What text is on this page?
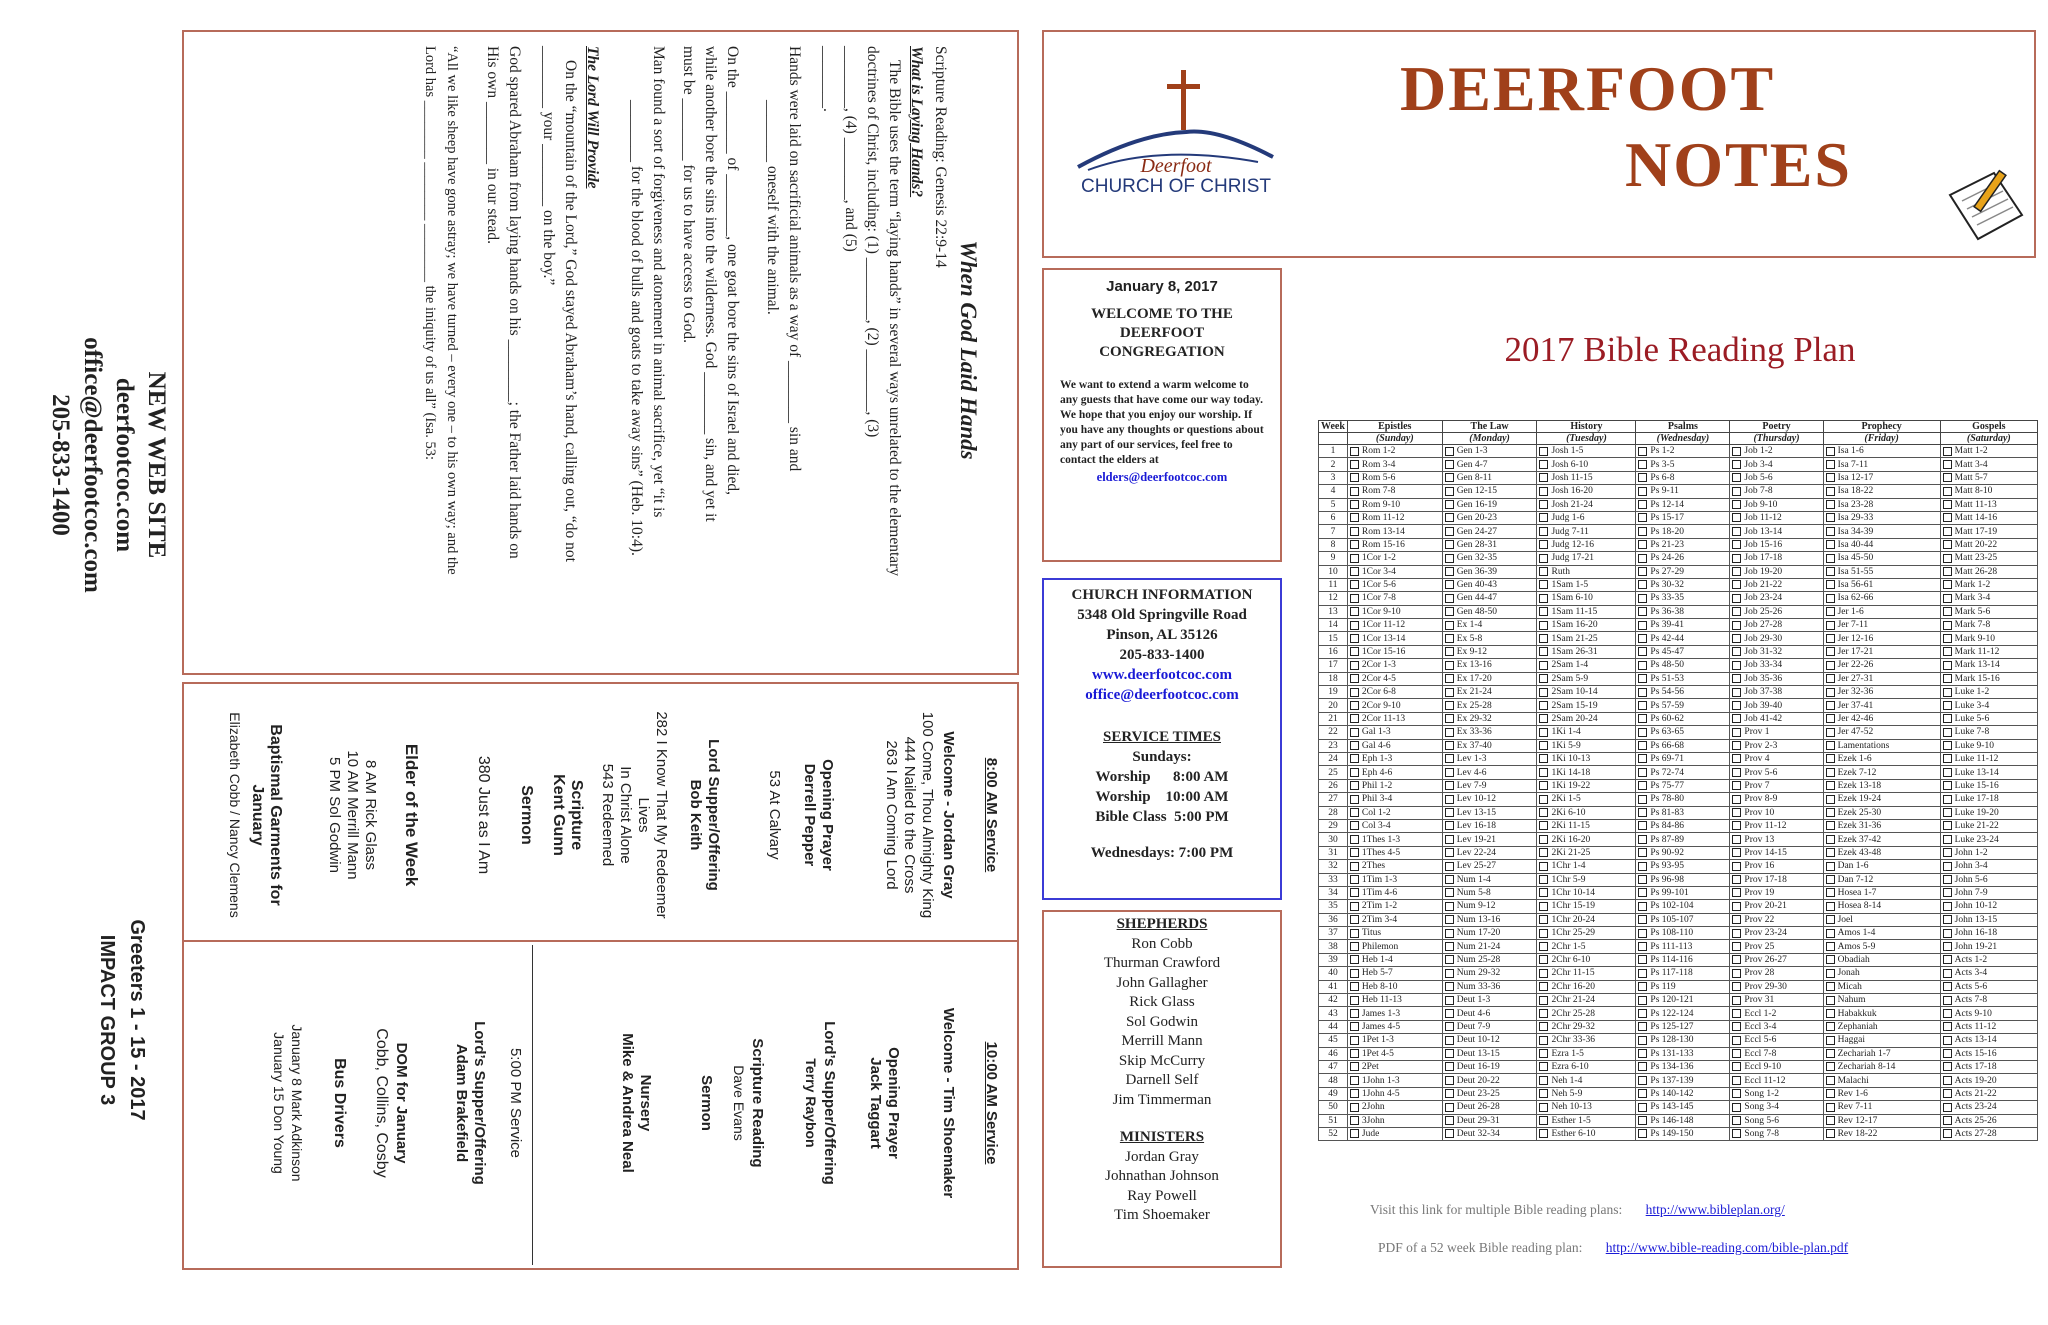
When God Laid Hands
Scripture Reading: Genesis 22:9-14
What is Laying Hands?
The Bible uses the term “laying hands” in several ways unrelated to the elementary
doctrines of Christ, including: (1) ________, (2) ________, (3)
________, (4) ________, and (5)
________.
Hands were laid on sacrificial animals as a way of ________ sin and
________ oneself with the animal.
On the ________ of ________, one goat bore the sins of Israel and died,
while another bore the sins into the wilderness. God ________ sin, and yet it
must be ________ for us to have access to God.
Man found a sort of forgiveness and atonement in animal sacrifice, yet “it is
________ for the blood of bulls and goats to take away sins” (Heb. 10:4).
The Lord Will Provide
On the “mountain of the Lord,” God stayed Abraham’s hand, calling out, “do not
________ your ________ on the boy.”
God spared Abraham from laying hands on his ________; the Father laid hands on
His own ________ in our stead.
“All we like sheep have gone astray; we have turned – every one – to his own way; and the
Lord has ________ ________ ________ the iniquity of us all” (Isa. 53:
NEW WEB SITE
deerfootcoc.com
office@deerfootcoc.com
205-833-1400
Greeters 1 - 15 - 2017
IMPACT GROUP 3
Deerfoot
CHURCH OF CHRIST
DEERFOOT
NOTES
January 8, 2017
WELCOME TO THE DEERFOOT CONGREGATION
We want to extend a warm welcome to any guests that have come our way today. We hope that you enjoy our worship. If you have any thoughts or questions about any part of our services, feel free to contact the elders at
elders@deerfootcoc.com
CHURCH INFORMATION
5348 Old Springville Road
Pinson, AL 35126
205-833-1400
www.deerfootcoc.com
office@deerfootcoc.com
SERVICE TIMES
Sundays:
Worship      8:00 AM
Worship    10:00 AM
Bible Class  5:00 PM
Wednesdays: 7:00 PM
SHEPHERDS
Ron Cobb
Thurman Crawford
John Gallagher
Rick Glass
Sol Godwin
Merrill Mann
Skip McCurry
Darnell Self
Jim Timmerman
MINISTERS
Jordan Gray
Johnathan Johnson
Ray Powell
Tim Shoemaker
2017 Bible Reading Plan
Week	Epistles	The Law	History	Psalms	Poetry	Prophecy	Gospels
	(Sunday)	(Monday)	(Tuesday)	(Wednesday)	(Thursday)	(Friday)	(Saturday)
1	Rom 1-2	Gen 1-3	Josh 1-5	Ps 1-2	Job 1-2	Isa 1-6	Matt 1-2
2	Rom 3-4	Gen 4-7	Josh 6-10	Ps 3-5	Job 3-4	Isa 7-11	Matt 3-4
3	Rom 5-6	Gen 8-11	Josh 11-15	Ps 6-8	Job 5-6	Isa 12-17	Matt 5-7
4	Rom 7-8	Gen 12-15	Josh 16-20	Ps 9-11	Job 7-8	Isa 18-22	Matt 8-10
5	Rom 9-10	Gen 16-19	Josh 21-24	Ps 12-14	Job 9-10	Isa 23-28	Matt 11-13
6	Rom 11-12	Gen 20-23	Judg 1-6	Ps 15-17	Job 11-12	Isa 29-33	Matt 14-16
7	Rom 13-14	Gen 24-27	Judg 7-11	Ps 18-20	Job 13-14	Isa 34-39	Matt 17-19
8	Rom 15-16	Gen 28-31	Judg 12-16	Ps 21-23	Job 15-16	Isa 40-44	Matt 20-22
9	1Cor 1-2	Gen 32-35	Judg 17-21	Ps 24-26	Job 17-18	Isa 45-50	Matt 23-25
10	1Cor 3-4	Gen 36-39	Ruth	Ps 27-29	Job 19-20	Isa 51-55	Matt 26-28
11	1Cor 5-6	Gen 40-43	1Sam 1-5	Ps 30-32	Job 21-22	Isa 56-61	Mark 1-2
12	1Cor 7-8	Gen 44-47	1Sam 6-10	Ps 33-35	Job 23-24	Isa 62-66	Mark 3-4
13	1Cor 9-10	Gen 48-50	1Sam 11-15	Ps 36-38	Job 25-26	Jer 1-6	Mark 5-6
14	1Cor 11-12	Ex 1-4	1Sam 16-20	Ps 39-41	Job 27-28	Jer 7-11	Mark 7-8
15	1Cor 13-14	Ex 5-8	1Sam 21-25	Ps 42-44	Job 29-30	Jer 12-16	Mark 9-10
16	1Cor 15-16	Ex 9-12	1Sam 26-31	Ps 45-47	Job 31-32	Jer 17-21	Mark 11-12
17	2Cor 1-3	Ex 13-16	2Sam 1-4	Ps 48-50	Job 33-34	Jer 22-26	Mark 13-14
18	2Cor 4-5	Ex 17-20	2Sam 5-9	Ps 51-53	Job 35-36	Jer 27-31	Mark 15-16
19	2Cor 6-8	Ex 21-24	2Sam 10-14	Ps 54-56	Job 37-38	Jer 32-36	Luke 1-2
20	2Cor 9-10	Ex 25-28	2Sam 15-19	Ps 57-59	Job 39-40	Jer 37-41	Luke 3-4
21	2Cor 11-13	Ex 29-32	2Sam 20-24	Ps 60-62	Job 41-42	Jer 42-46	Luke 5-6
22	Gal 1-3	Ex 33-36	1Ki 1-4	Ps 63-65	Prov 1	Jer 47-52	Luke 7-8
23	Gal 4-6	Ex 37-40	1Ki 5-9	Ps 66-68	Prov 2-3	Lamentations	Luke 9-10
24	Eph 1-3	Lev 1-3	1Ki 10-13	Ps 69-71	Prov 4	Ezek 1-6	Luke 11-12
25	Eph 4-6	Lev 4-6	1Ki 14-18	Ps 72-74	Prov 5-6	Ezek 7-12	Luke 13-14
26	Phil 1-2	Lev 7-9	1Ki 19-22	Ps 75-77	Prov 7	Ezek 13-18	Luke 15-16
27	Phil 3-4	Lev 10-12	2Ki 1-5	Ps 78-80	Prov 8-9	Ezek 19-24	Luke 17-18
28	Col 1-2	Lev 13-15	2Ki 6-10	Ps 81-83	Prov 10	Ezek 25-30	Luke 19-20
29	Col 3-4	Lev 16-18	2Ki 11-15	Ps 84-86	Prov 11-12	Ezek 31-36	Luke 21-22
30	1Thes 1-3	Lev 19-21	2Ki 16-20	Ps 87-89	Prov 13	Ezek 37-42	Luke 23-24
31	1Thes 4-5	Lev 22-24	2Ki 21-25	Ps 90-92	Prov 14-15	Ezek 43-48	John 1-2
32	2Thes	Lev 25-27	1Chr 1-4	Ps 93-95	Prov 16	Dan 1-6	John 3-4
33	1Tim 1-3	Num 1-4	1Chr 5-9	Ps 96-98	Prov 17-18	Dan 7-12	John 5-6
34	1Tim 4-6	Num 5-8	1Chr 10-14	Ps 99-101	Prov 19	Hosea 1-7	John 7-9
35	2Tim 1-2	Num 9-12	1Chr 15-19	Ps 102-104	Prov 20-21	Hosea 8-14	John 10-12
36	2Tim 3-4	Num 13-16	1Chr 20-24	Ps 105-107	Prov 22	Joel	John 13-15
37	Titus	Num 17-20	1Chr 25-29	Ps 108-110	Prov 23-24	Amos 1-4	John 16-18
38	Philemon	Num 21-24	2Chr 1-5	Ps 111-113	Prov 25	Amos 5-9	John 19-21
39	Heb 1-4	Num 25-28	2Chr 6-10	Ps 114-116	Prov 26-27	Obadiah	Acts 1-2
40	Heb 5-7	Num 29-32	2Chr 11-15	Ps 117-118	Prov 28	Jonah	Acts 3-4
41	Heb 8-10	Num 33-36	2Chr 16-20	Ps 119	Prov 29-30	Micah	Acts 5-6
42	Heb 11-13	Deut 1-3	2Chr 21-24	Ps 120-121	Prov 31	Nahum	Acts 7-8
43	James 1-3	Deut 4-6	2Chr 25-28	Ps 122-124	Eccl 1-2	Habakkuk	Acts 9-10
44	James 4-5	Deut 7-9	2Chr 29-32	Ps 125-127	Eccl 3-4	Zephaniah	Acts 11-12
45	1Pet 1-3	Deut 10-12	2Chr 33-36	Ps 128-130	Eccl 5-6	Haggai	Acts 13-14
46	1Pet 4-5	Deut 13-15	Ezra 1-5	Ps 131-133	Eccl 7-8	Zechariah 1-7	Acts 15-16
47	2Pet	Deut 16-19	Ezra 6-10	Ps 134-136	Eccl 9-10	Zechariah 8-14	Acts 17-18
48	1John 1-3	Deut 20-22	Neh 1-4	Ps 137-139	Eccl 11-12	Malachi	Acts 19-20
49	1John 4-5	Deut 23-25	Neh 5-9	Ps 140-142	Song 1-2	Rev 1-6	Acts 21-22
50	2John	Deut 26-28	Neh 10-13	Ps 143-145	Song 3-4	Rev 7-11	Acts 23-24
51	3John	Deut 29-31	Esther 1-5	Ps 146-148	Song 5-6	Rev 12-17	Acts 25-26
52	Jude	Deut 32-34	Esther 6-10	Ps 149-150	Song 7-8	Rev 18-22	Acts 27-28
Visit this link for multiple Bible reading plans: http://www.bibleplan.org/
PDF of a 52 week Bible reading plan: http://www.bible-reading.com/bible-plan.pdf
8:00 AM Service
Welcome - Jordan Gray
100 Come, Thou Almighty King
444 Nailed to the Cross
263 I Am Coming Lord
Opening Prayer
Derrell Pepper
53 At Calvary
Lord Supper/Offering
Bob Keith
282 I Know That My Redeemer
Lives
In Christ Alone
543 Redeemed
Scripture
Kent Gunn
Sermon
380 Just as I Am
Elder of the Week
8 AM Rick Glass
10 AM Merrill Mann
5 PM Sol Godwin
Baptismal Garments for
January
Elizabeth Cobb / Nancy Clemens
10:00 AM Service
Welcome - Tim Shoemaker
Opening Prayer
Jack Taggart
Lord’s Supper/Offering
Terry Raybon
Scripture Reading
Dave Evans
Sermon
Nursery
Mike & Andrea Neal
5:00 PM Service
Lord’s Supper/Offering
Adam Brakefield
DOM for January
Cobb, Collins, Cosby
Bus Drivers
January 8 Mark Adkinson
January 15 Don Young
